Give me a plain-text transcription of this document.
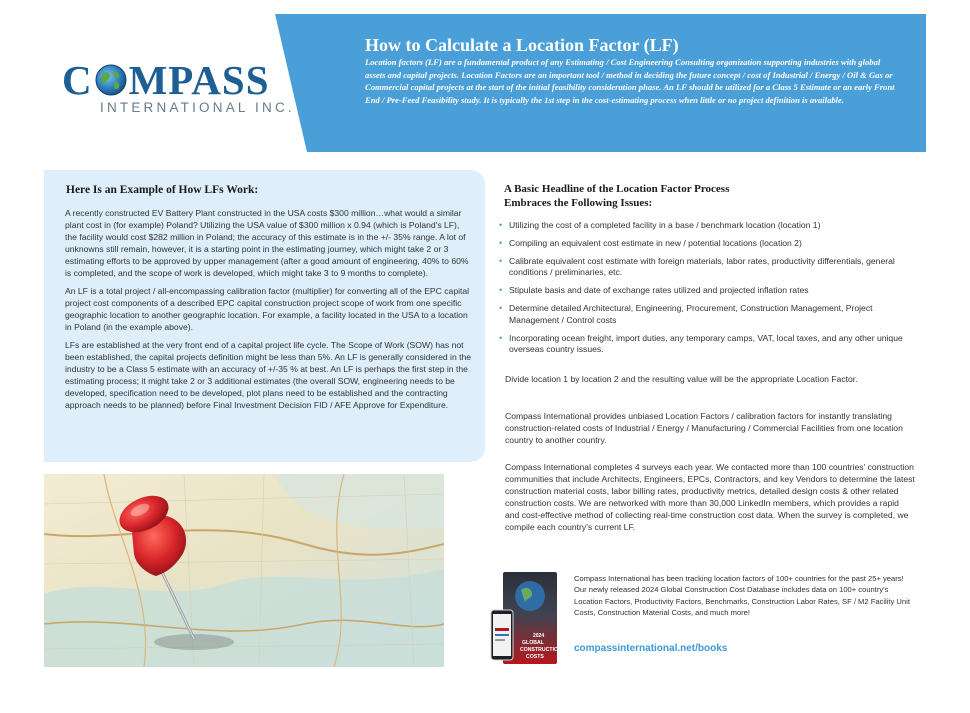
C MPASS
INTERNATIONAL INC.
How to Calculate a Location Factor (LF)
Location factors (LF) are a fundamental product of any Estimating / Cost Engineering Consulting organization supporting industries with global assets and capital projects. Location Factors are an important tool / method in deciding the future concept / cost of Industrial / Energy / Oil & Gas or Commercial capital projects at the start of the initial feasibility consideration phase. An LF should be utilized for a Class 5 Estimate or an early Front End / Pre-Feed Feasibility study. It is typically the 1st step in the cost-estimating process when little or no project definition is available.
Here Is an Example of How LFs Work:

A recently constructed EV Battery Plant constructed in the USA costs $300 million…what would a similar plant cost in (for example) Poland? Utilizing the USA value of $300 million x 0.94 (which is Poland's LF), the facility would cost $282 million in Poland; the accuracy of this estimate is in the +/- 35% range. A lot of unknowns still remain, however, it is a starting point in the estimating journey, which might take 2 or 3 estimating efforts to be approved by upper management (after a good amount of engineering, 40% to 60% is completed, and the scope of work is developed, which might take 3 to 9 months to complete).

An LF is a total project / all-encompassing calibration factor (multiplier) for converting all of the EPC capital project cost components of a described EPC capital construction project scope of work from one specific geographic location to another geographic location. For example, a facility located in the USA to a location in Poland (in the example above).

LFs are established at the very front end of a capital project life cycle. The Scope of Work (SOW) has not been established, the capital projects definition might be less than 5%. An LF is generally considered in the industry to be a Class 5 estimate with an accuracy of +/-35 % at best. An LF is perhaps the first step in the estimating process; it might take 2 or 3 additional estimates (the overall SOW, engineering needs to be developed, specification need to be developed, plot plans need to be established and the contracting approach needs to be planned) before Final Investment Decision FID / AFE Approve for Expenditure.

A Basic Headline of the Location Factor Process
Embraces the Following Issues:
• Utilizing the cost of a completed facility in a base / benchmark location (location 1)
• Compiling an equivalent cost estimate in new / potential locations (location 2)
• Calibrate equivalent cost estimate with foreign materials, labor rates, productivity differentials, general conditions / preliminaries, etc.
• Stipulate basis and date of exchange rates utilized and projected inflation rates
• Determine detailed Architectural, Engineering, Procurement, Construction Management, Project Management / Control costs
• Incorporating ocean freight, import duties, any temporary camps, VAT, local taxes, and any other unique overseas country issues.
Divide location 1 by location 2 and the resulting value will be the appropriate Location Factor.
Compass International provides unbiased Location Factors / calibration factors for instantly translating construction-related costs of Industrial / Energy / Manufacturing / Commercial Facilities from one location country to another country.
Compass International completes 4 surveys each year. We contacted more than 100 countries' construction communities that include Architects, Engineers, EPCs, Contractors, and key Vendors to determine the latest construction material costs, labor billing rates, productivity metrics, detailed design costs & other related construction costs. We are networked with more than 30,000 LinkedIn members, which provides a rapid and cost-effective method of collecting real-time construction cost data. When the survey is completed, we compile each country's current LF.
2024
GLOBAL
CONSTRUCTION
COSTS
Compass International has been tracking location factors of 100+ countries for the past 25+ years! Our newly released 2024 Global Construction Cost Database includes data on 100+ country's Location Factors, Productivity Factors, Benchmarks, Construction Labor Rates, SF / M2 Facility Unit Costs, Construction Material Costs, and much more!
compassinternational.net/books
